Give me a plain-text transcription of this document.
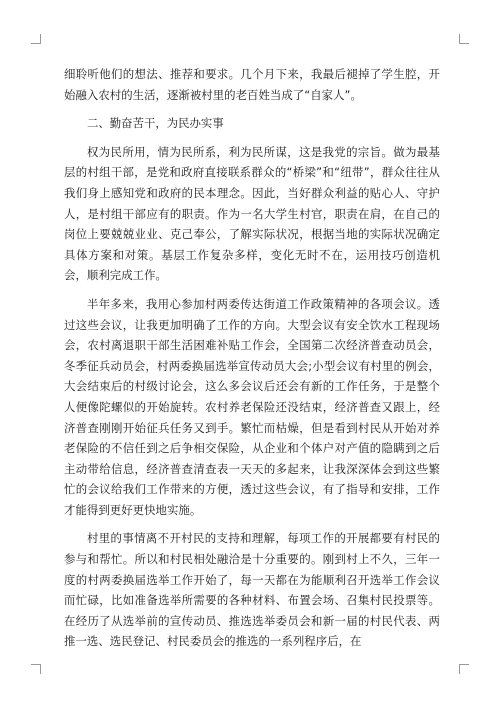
细聆听他们的想法、推荐和要求。几个月下来，我最后褪掉了学生腔，开始融入农村的生活，逐渐被村里的老百姓当成了“自家人”。

二、勤奋苦干，为民办实事

权为民所用，情为民所系，利为民所谋，这是我党的宗旨。做为最基层的村组干部，是党和政府直接联系群众的“桥梁”和“纽带”，群众往往从我们身上感知党和政府的民本理念。因此，当好群众利益的贴心人、守护人，是村组干部应有的职责。作为一名大学生村官，职责在肩，在自己的岗位上要兢兢业业、克己奉公，了解实际状况，根据当地的实际状况确定具体方案和对策。基层工作复杂多样，变化无时不在，运用技巧创造机会，顺利完成工作。

半年多来，我用心参加村两委传达街道工作政策精神的各项会议。透过这些会议，让我更加明确了工作的方向。大型会议有安全饮水工程现场会，农村离退职干部生活困难补贴工作会，全国第二次经济普查动员会，冬季征兵动员会，村两委换届选举宣传动员大会;小型会议有村里的例会，大会结束后的村级讨论会，这么多会议后还会有新的工作任务，于是整个人便像陀螺似的开始旋转。农村养老保险还没结束，经济普查又跟上，经济普查刚刚开始征兵任务又到手。繁忙而枯燥，但是看到村民从开始对养老保险的不信任到之后争相交保险，从企业和个体户对产值的隐瞒到之后主动带给信息，经济普查清查表一天天的多起来，让我深深体会到这些繁忙的会议给我们工作带来的方便，透过这些会议，有了指导和安排，工作才能得到更好更快地实施。

村里的事情离不开村民的支持和理解，每项工作的开展都要有村民的参与和帮忙。所以和村民相处融洽是十分重要的。刚到村上不久，三年一度的村两委换届选举工作开始了，每一天都在为能顺利召开选举工作会议而忙碌，比如准备选举所需要的各种材料、布置会场、召集村民投票等。在经历了从选举前的宣传动员、推选选举委员会和新一届的村民代表、两推一选、选民登记、村民委员会的推选的一系列程序后，在
